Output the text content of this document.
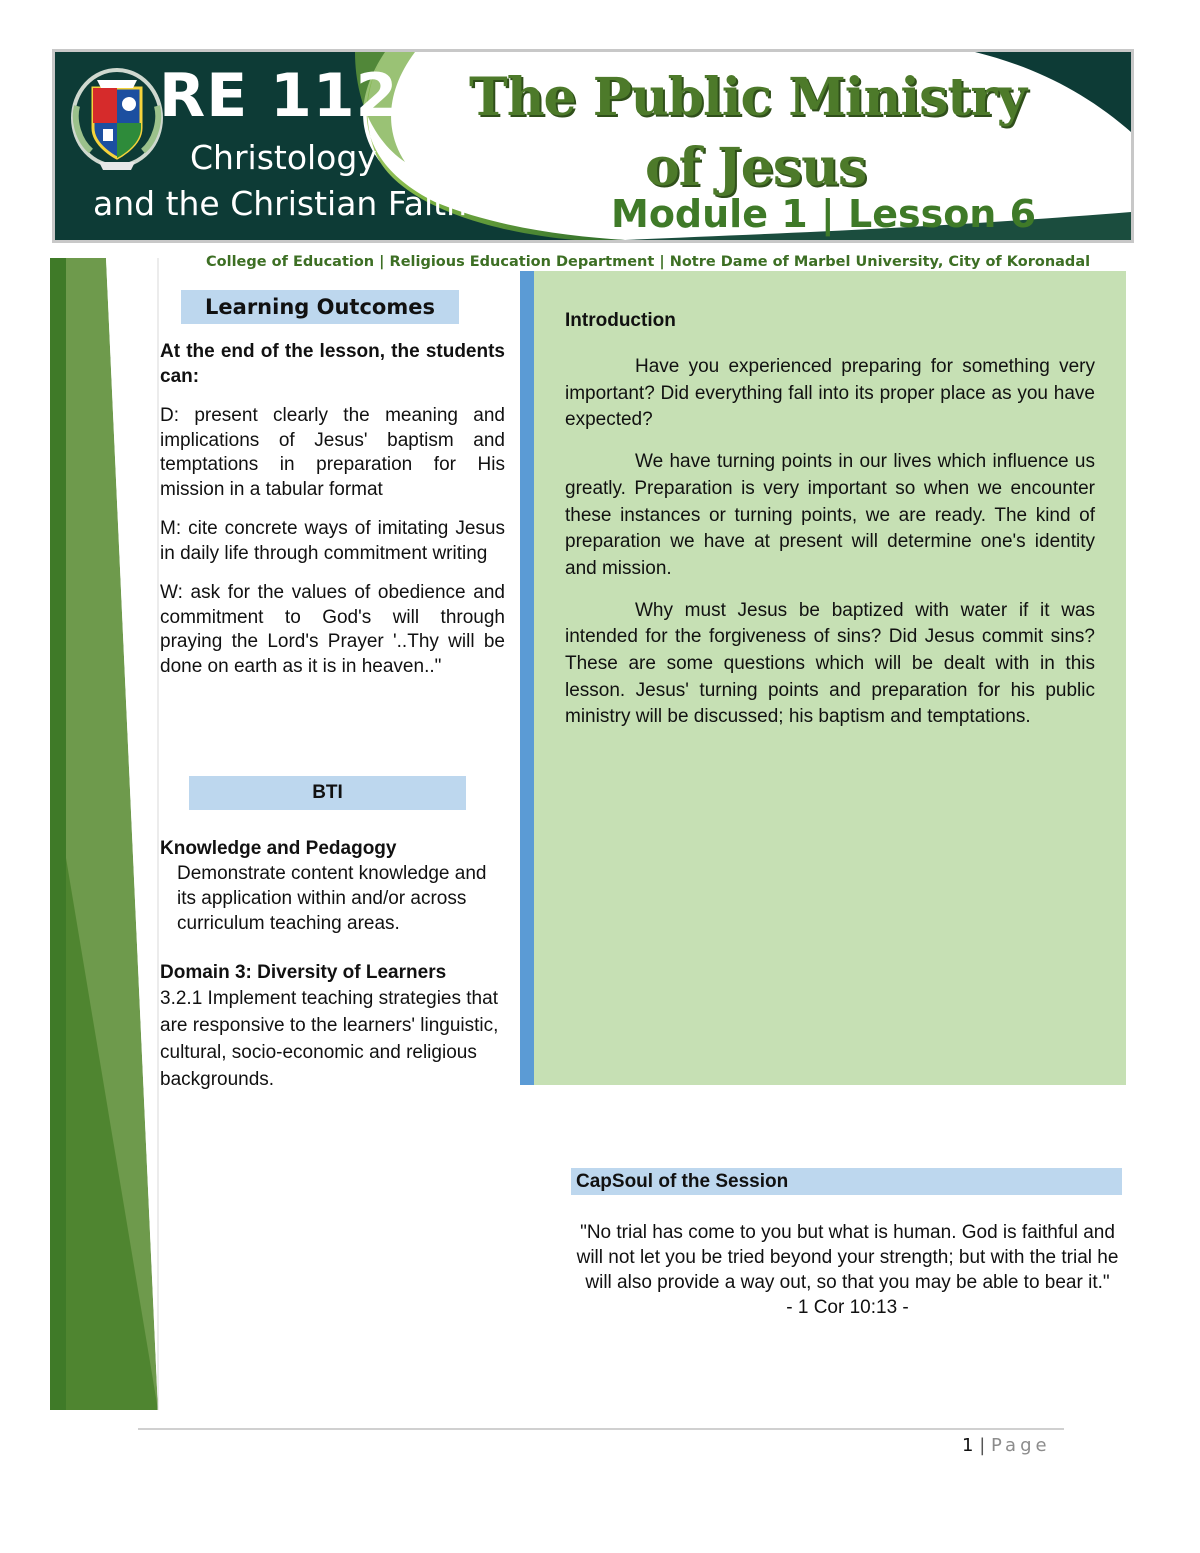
RE 112
Christology
and the Christian Faith
The Public Ministry
of Jesus
Module 1 | Lesson 6
College of Education | Religious Education Department | Notre Dame of Marbel University, City of Koronadal
Learning Outcomes

At the end of the lesson, the students can:

D: present clearly the meaning and implications of Jesus' baptism and temptations in preparation for His mission in a tabular format

M: cite concrete ways of imitating Jesus in daily life through commitment writing

W: ask for the values of obedience and commitment to God's will through praying the Lord's Prayer '..Thy will be done on earth as it is in heaven.."

BTI
Knowledge and Pedagogy
Demonstrate content knowledge and its application within and/or across curriculum teaching areas.
Domain 3: Diversity of Learners
3.2.1 Implement teaching strategies that are responsive to the learners' linguistic, cultural, socio-economic and religious backgrounds.
Introduction

Have you experienced preparing for something very important? Did everything fall into its proper place as you have expected?

We have turning points in our lives which influence us greatly. Preparation is very important so when we encounter these instances or turning points, we are ready. The kind of preparation we have at present will determine one's identity and mission.

Why must Jesus be baptized with water if it was intended for the forgiveness of sins? Did Jesus commit sins? These are some questions which will be dealt with in this lesson. Jesus' turning points and preparation for his public ministry will be discussed; his baptism and temptations.

CapSoul of the Session
"No trial has come to you but what is human. God is faithful and will not let you be tried beyond your strength; but with the trial he will also provide a way out, so that you may be able to bear it."
- 1 Cor 10:13 -
1 | Page
